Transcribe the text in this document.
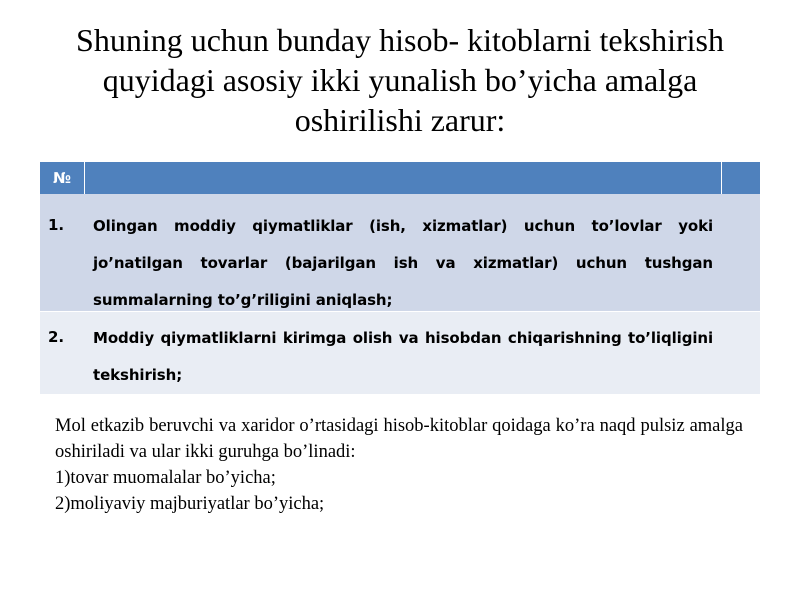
Shuning uchun bunday hisob- kitoblarni tekshirish
quyidagi asosiy ikki yunalish bo’yicha amalga
oshirilishi zarur:
№
1.	Olingan moddiy qiymatliklar (ish, xizmatlar) uchun to’lovlar yoki jo’natilgan tovarlar (bajarilgan ish va xizmatlar) uchun tushgan summalarning to’g’riligini aniqlash;
2.	Moddiy qiymatliklarni kirimga olish va hisobdan chiqarishning to’liqligini tekshirish;

Mol etkazib beruvchi va xaridor o’rtasidagi hisob-kitoblar qoidaga ko’ra naqd pulsiz amalga oshiriladi va ular ikki guruhga bo’linadi:

1)tovar muomalalar bo’yicha;
2)moliyaviy majburiyatlar bo’yicha;
